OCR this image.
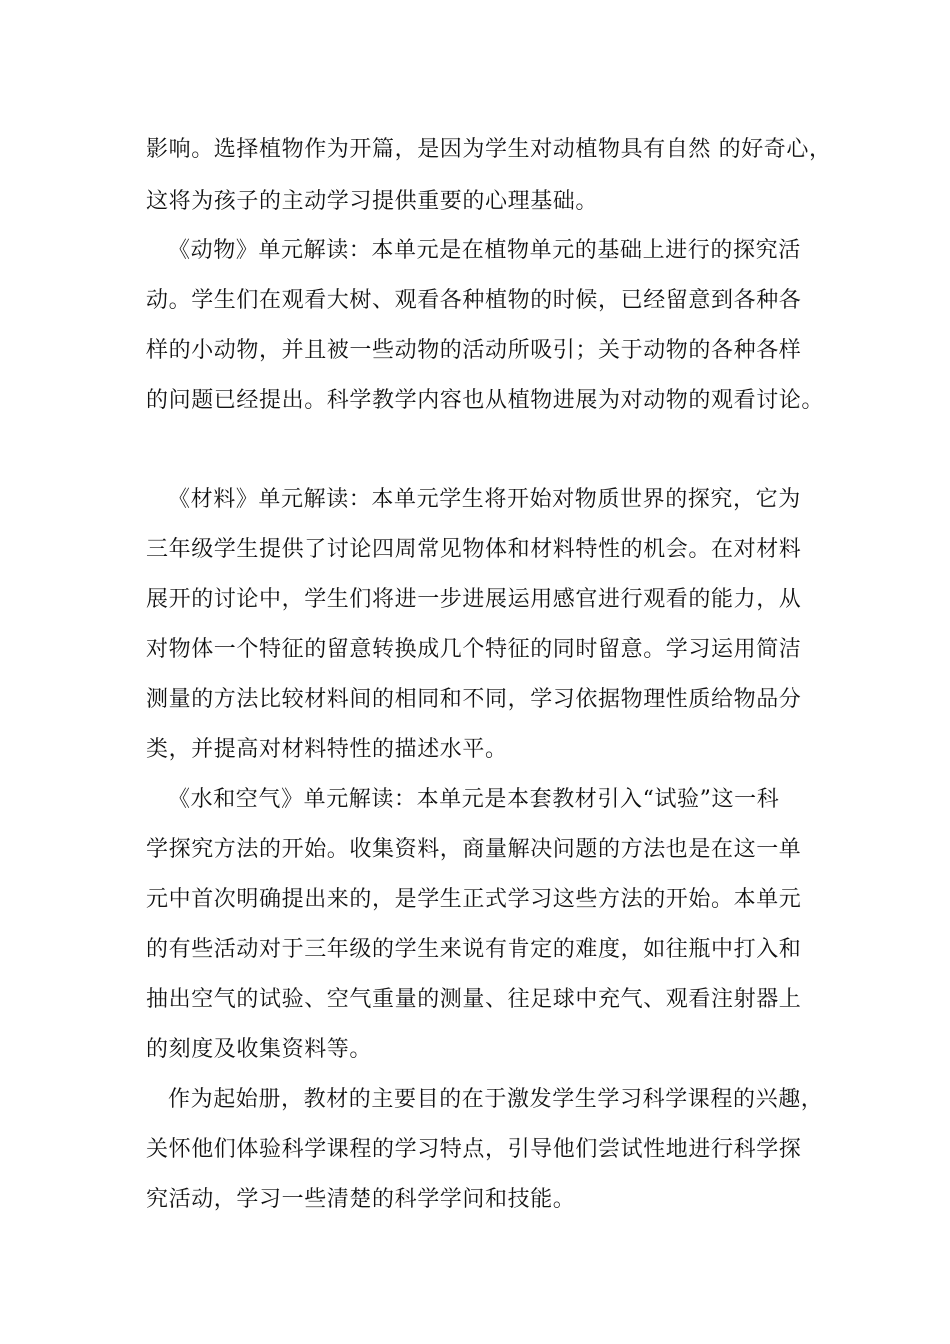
影响。选择植物作为开篇，是因为学生对动植物具有自然 的好奇心，
这将为孩子的主动学习提供重要的心理基础。
《动物》单元解读：本单元是在植物单元的基础上进行的探究活
动。学生们在观看大树、观看各种植物的时候，已经留意到各种各
样的小动物，并且被一些动物的活动所吸引；关于动物的各种各样
的问题已经提出。科学教学内容也从植物进展为对动物的观看讨论。
《材料》单元解读：本单元学生将开始对物质世界的探究，它为
三年级学生提供了讨论四周常见物体和材料特性的机会。在对材料
展开的讨论中，学生们将进一步进展运用感官进行观看的能力，从
对物体一个特征的留意转换成几个特征的同时留意。学习运用简洁
测量的方法比较材料间的相同和不同，学习依据物理性质给物品分
类，并提高对材料特性的描述水平。
《水和空气》单元解读：本单元是本套教材引入“试验”这一科
学探究方法的开始。收集资料，商量解决问题的方法也是在这一单
元中首次明确提出来的，是学生正式学习这些方法的开始。本单元
的有些活动对于三年级的学生来说有肯定的难度，如往瓶中打入和
抽出空气的试验、空气重量的测量、往足球中充气、观看注射器上
的刻度及收集资料等。
作为起始册，教材的主要目的在于激发学生学习科学课程的兴趣，
关怀他们体验科学课程的学习特点，引导他们尝试性地进行科学探
究活动，学习一些清楚的科学学问和技能。
